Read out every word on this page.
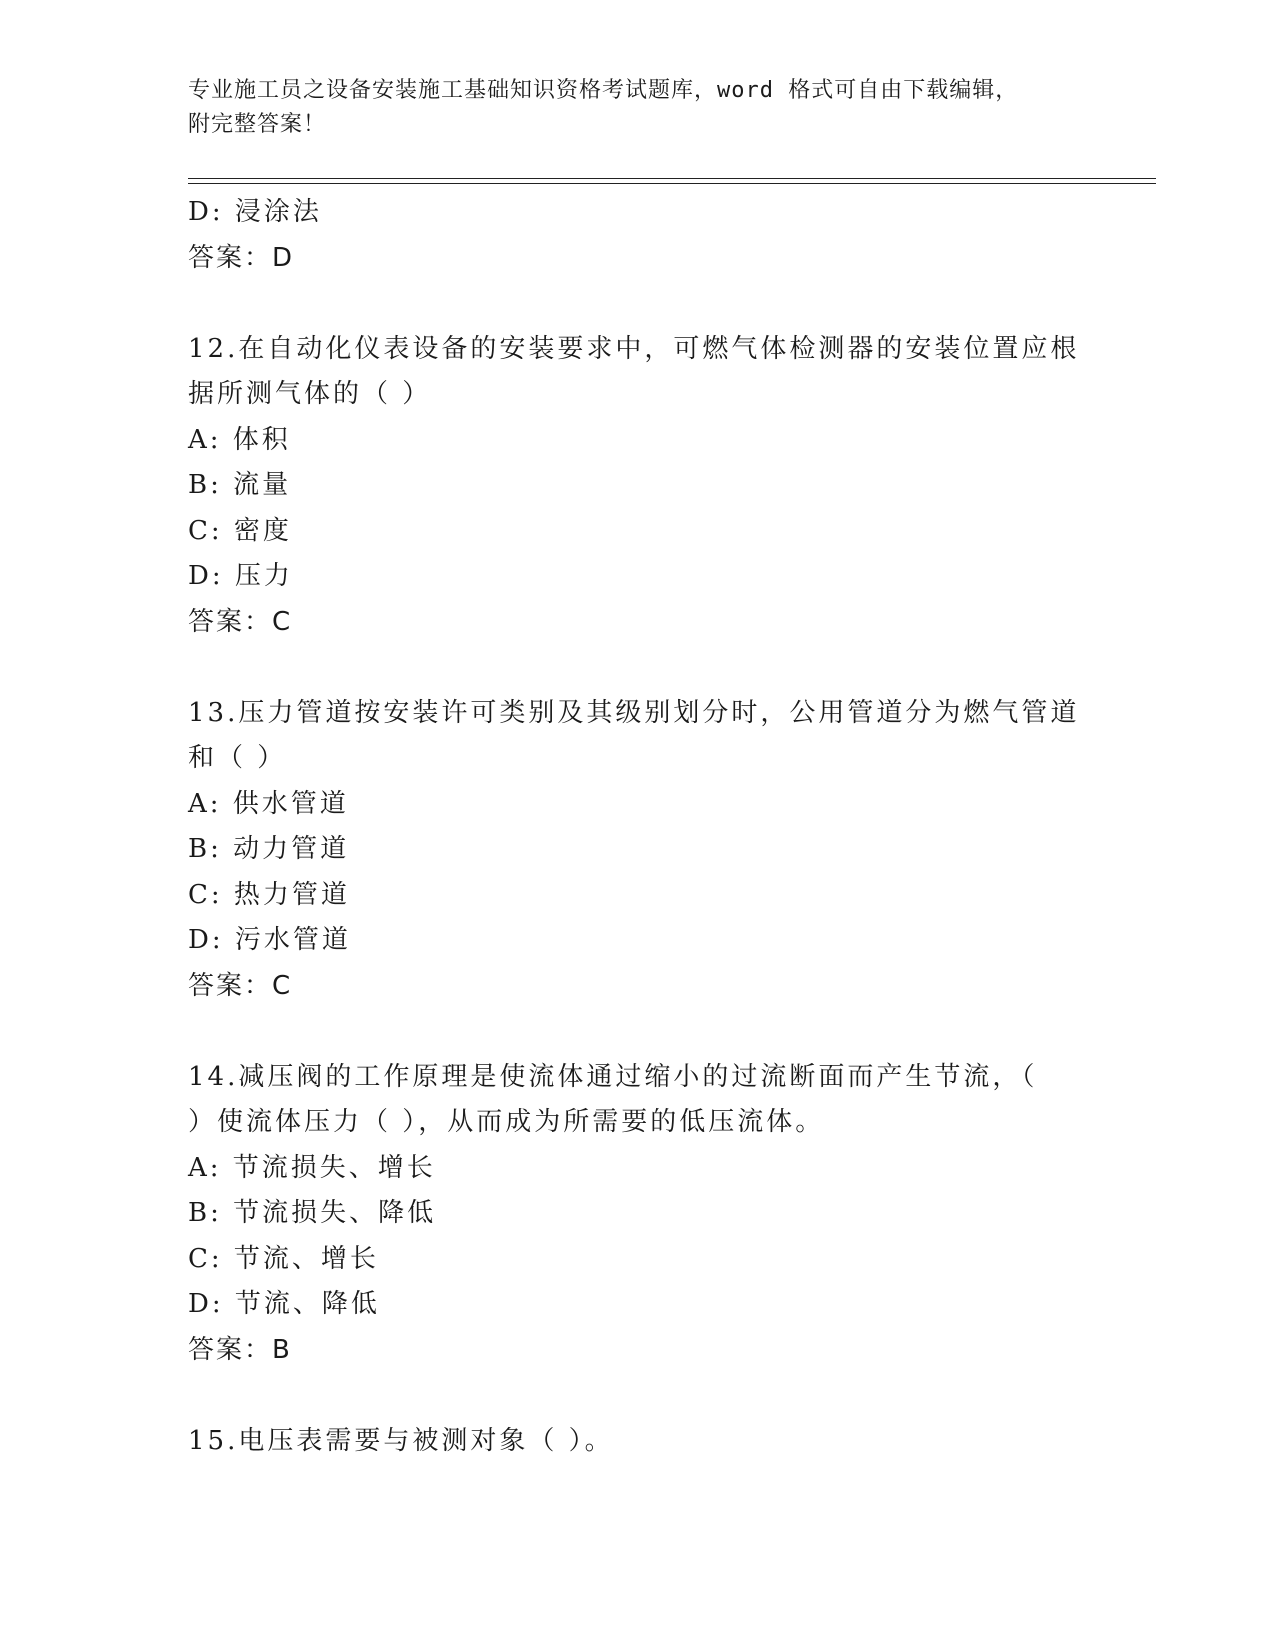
专业施工员之设备安装施工基础知识资格考试题库，word 格式可自由下载编辑，
附完整答案！
D: 浸涂法
答案：D
12.在自动化仪表设备的安装要求中，可燃气体检测器的安装位置应根
据所测气体的（ ）
A: 体积
B: 流量
C: 密度
D: 压力
答案：C
13.压力管道按安装许可类别及其级别划分时，公用管道分为燃气管道
和（ ）
A: 供水管道
B: 动力管道
C: 热力管道
D: 污水管道
答案：C
14.减压阀的工作原理是使流体通过缩小的过流断面而产生节流，（
）使流体压力（ ），从而成为所需要的低压流体。
A: 节流损失、增长
B: 节流损失、降低
C: 节流、增长
D: 节流、降低
答案：B
15.电压表需要与被测对象（ ）。
